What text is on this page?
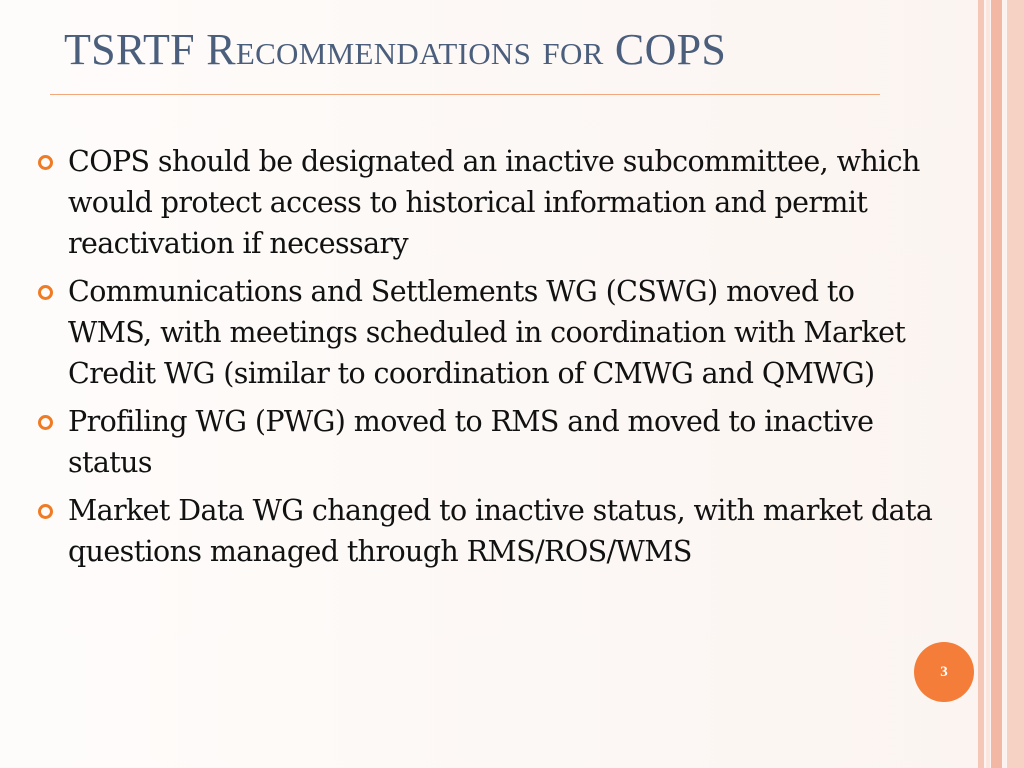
TSRTF Recommendations for COPS
COPS should be designated an inactive subcommittee, which would protect access to historical information and permit reactivation if necessary
Communications and Settlements WG (CSWG) moved to WMS, with meetings scheduled in coordination with Market Credit WG (similar to coordination of CMWG and QMWG)
Profiling WG (PWG) moved to RMS and moved to inactive status
Market Data WG changed to inactive status, with market data questions managed through RMS/ROS/WMS
3
